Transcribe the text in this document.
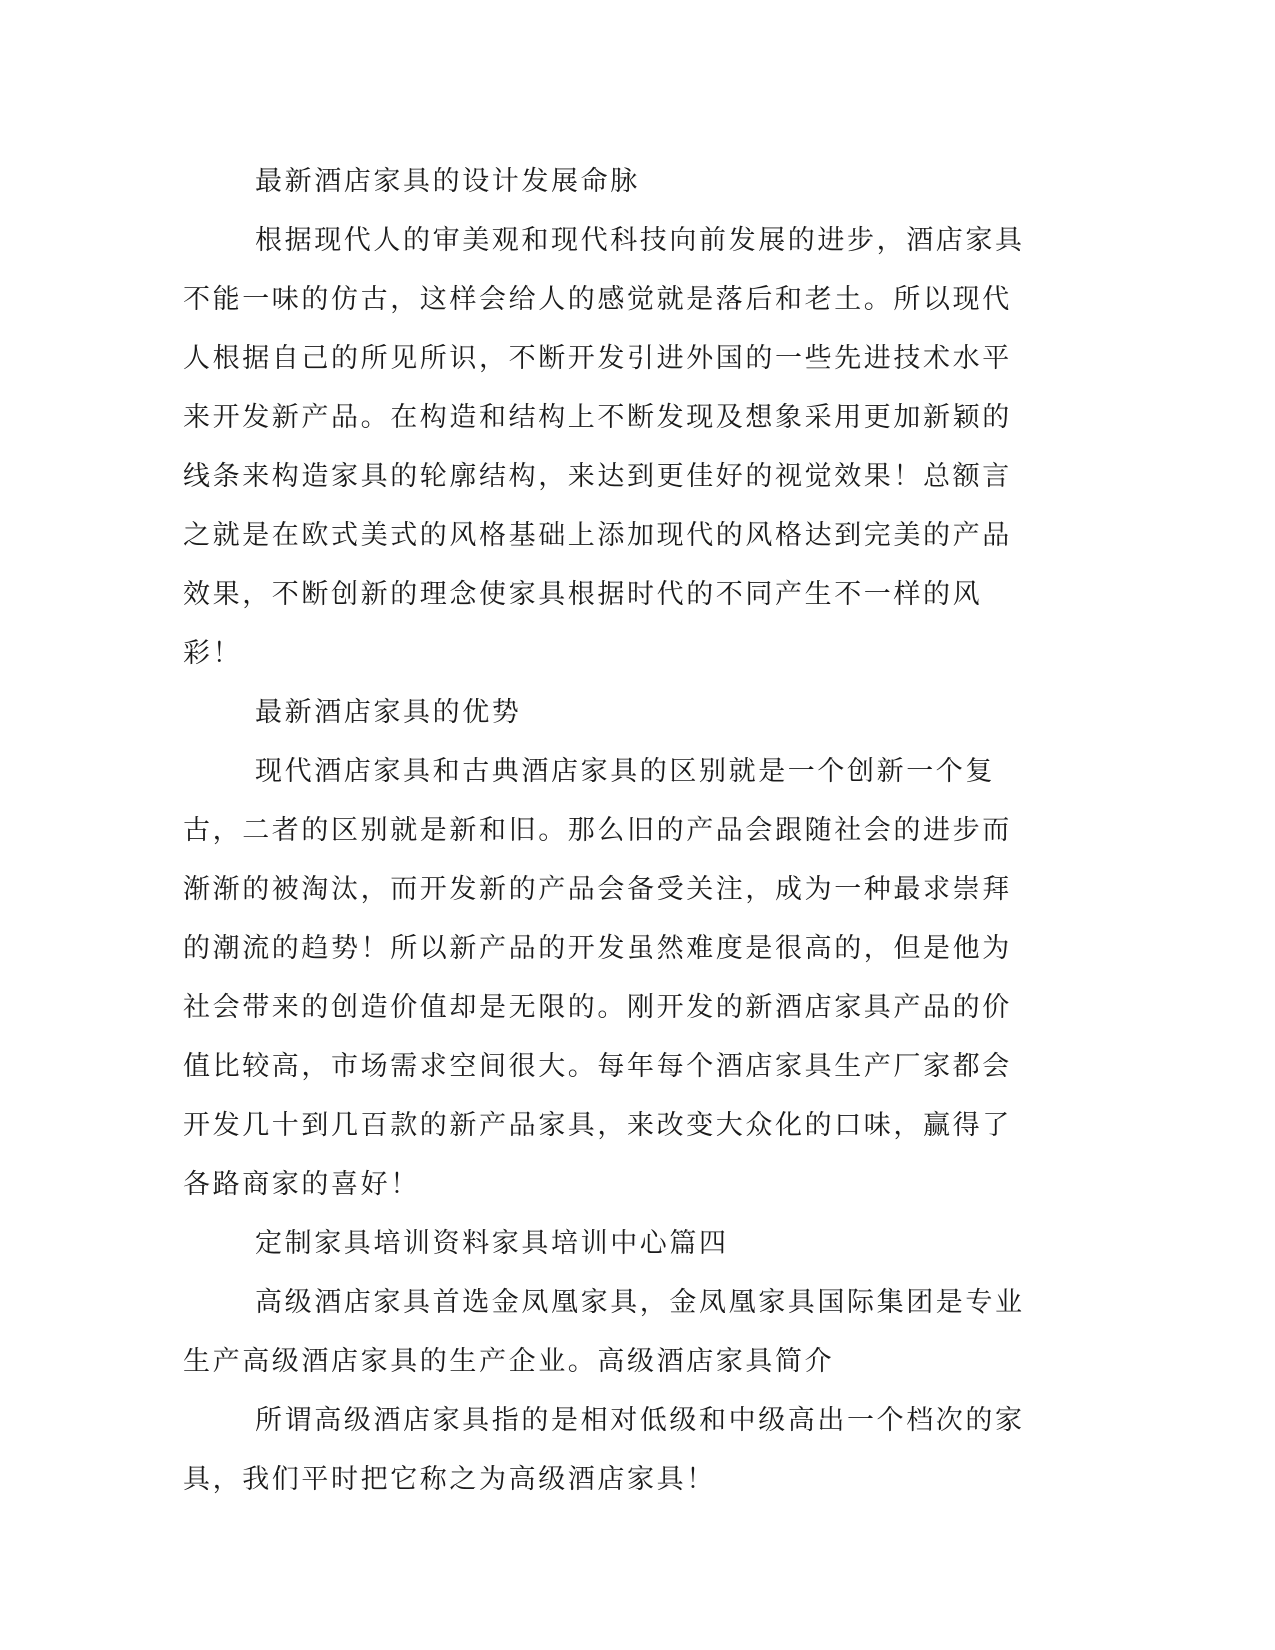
最新酒店家具的设计发展命脉

根据现代人的审美观和现代科技向前发展的进步，酒店家具不能一味的仿古，这样会给人的感觉就是落后和老土。所以现代人根据自己的所见所识，不断开发引进外国的一些先进技术水平来开发新产品。在构造和结构上不断发现及想象采用更加新颖的线条来构造家具的轮廓结构，来达到更佳好的视觉效果！总额言之就是在欧式美式的风格基础上添加现代的风格达到完美的产品效果，不断创新的理念使家具根据时代的不同产生不一样的风彩！

最新酒店家具的优势

现代酒店家具和古典酒店家具的区别就是一个创新一个复古，二者的区别就是新和旧。那么旧的产品会跟随社会的进步而渐渐的被淘汰，而开发新的产品会备受关注，成为一种最求崇拜的潮流的趋势！所以新产品的开发虽然难度是很高的，但是他为社会带来的创造价值却是无限的。刚开发的新酒店家具产品的价值比较高，市场需求空间很大。每年每个酒店家具生产厂家都会开发几十到几百款的新产品家具，来改变大众化的口味，赢得了各路商家的喜好！

定制家具培训资料家具培训中心篇四

高级酒店家具首选金凤凰家具，金凤凰家具国际集团是专业生产高级酒店家具的生产企业。高级酒店家具简介

所谓高级酒店家具指的是相对低级和中级高出一个档次的家具，我们平时把它称之为高级酒店家具！
